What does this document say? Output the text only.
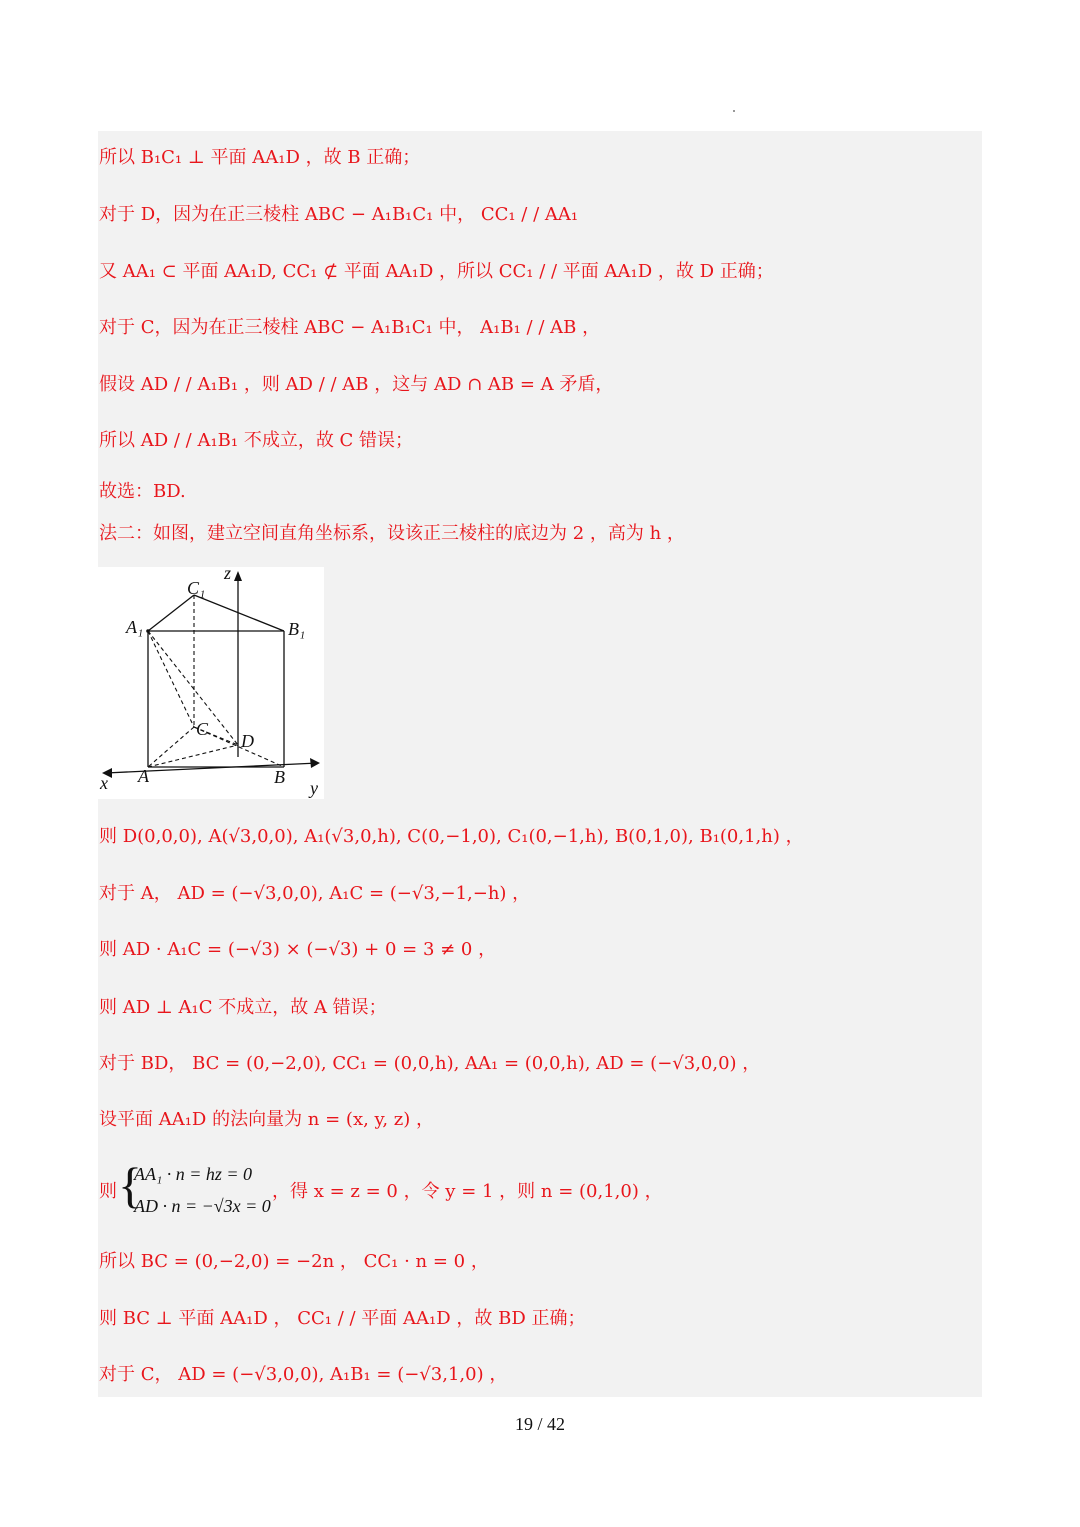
所以 B₁C₁ ⊥ 平面 AA₁D ，故 B 正确；
对于 D，因为在正三棱柱 ABC − A₁B₁C₁ 中， CC₁ / / AA₁
又 AA₁ ⊂ 平面 AA₁D, CC₁ ⊄ 平面 AA₁D ，所以 CC₁ / / 平面 AA₁D ，故 D 正确；
对于 C，因为在正三棱柱 ABC − A₁B₁C₁ 中， A₁B₁ / / AB ，
假设 AD / / A₁B₁ ，则 AD / / AB ，这与 AD ∩ AB = A 矛盾，
所以 AD / / A₁B₁ 不成立，故 C 错误；
故选：BD.
法二：如图，建立空间直角坐标系，设该正三棱柱的底边为 2 ，高为 h ，
C₁
A₁	B₁
C
D
A	B
x	y
z
则 D(0,0,0), A(√3,0,0), A₁(√3,0,h), C(0,−1,0), C₁(0,−1,h), B(0,1,0), B₁(0,1,h) ，
对于 A， AD = (−√3,0,0), A₁C = (−√3,−1,−h) ，
则 AD · A₁C = (−√3) × (−√3) + 0 = 3 ≠ 0 ，
则 AD ⊥ A₁C 不成立，故 A 错误；
对于 BD， BC = (0,−2,0), CC₁ = (0,0,h), AA₁ = (0,0,h), AD = (−√3,0,0) ，
设平面 AA₁D 的法向量为 n = (x, y, z) ，
则 {
AA₁ · n = hz = 0
AD · n = −√3x = 0
，得 x = z = 0 ，令 y = 1 ，则 n = (0,1,0) ，
所以 BC = (0,−2,0) = −2n ， CC₁ · n = 0 ，
则 BC ⊥ 平面 AA₁D ， CC₁ / / 平面 AA₁D ，故 BD 正确；
对于 C， AD = (−√3,0,0), A₁B₁ = (−√3,1,0) ，
19 / 42
